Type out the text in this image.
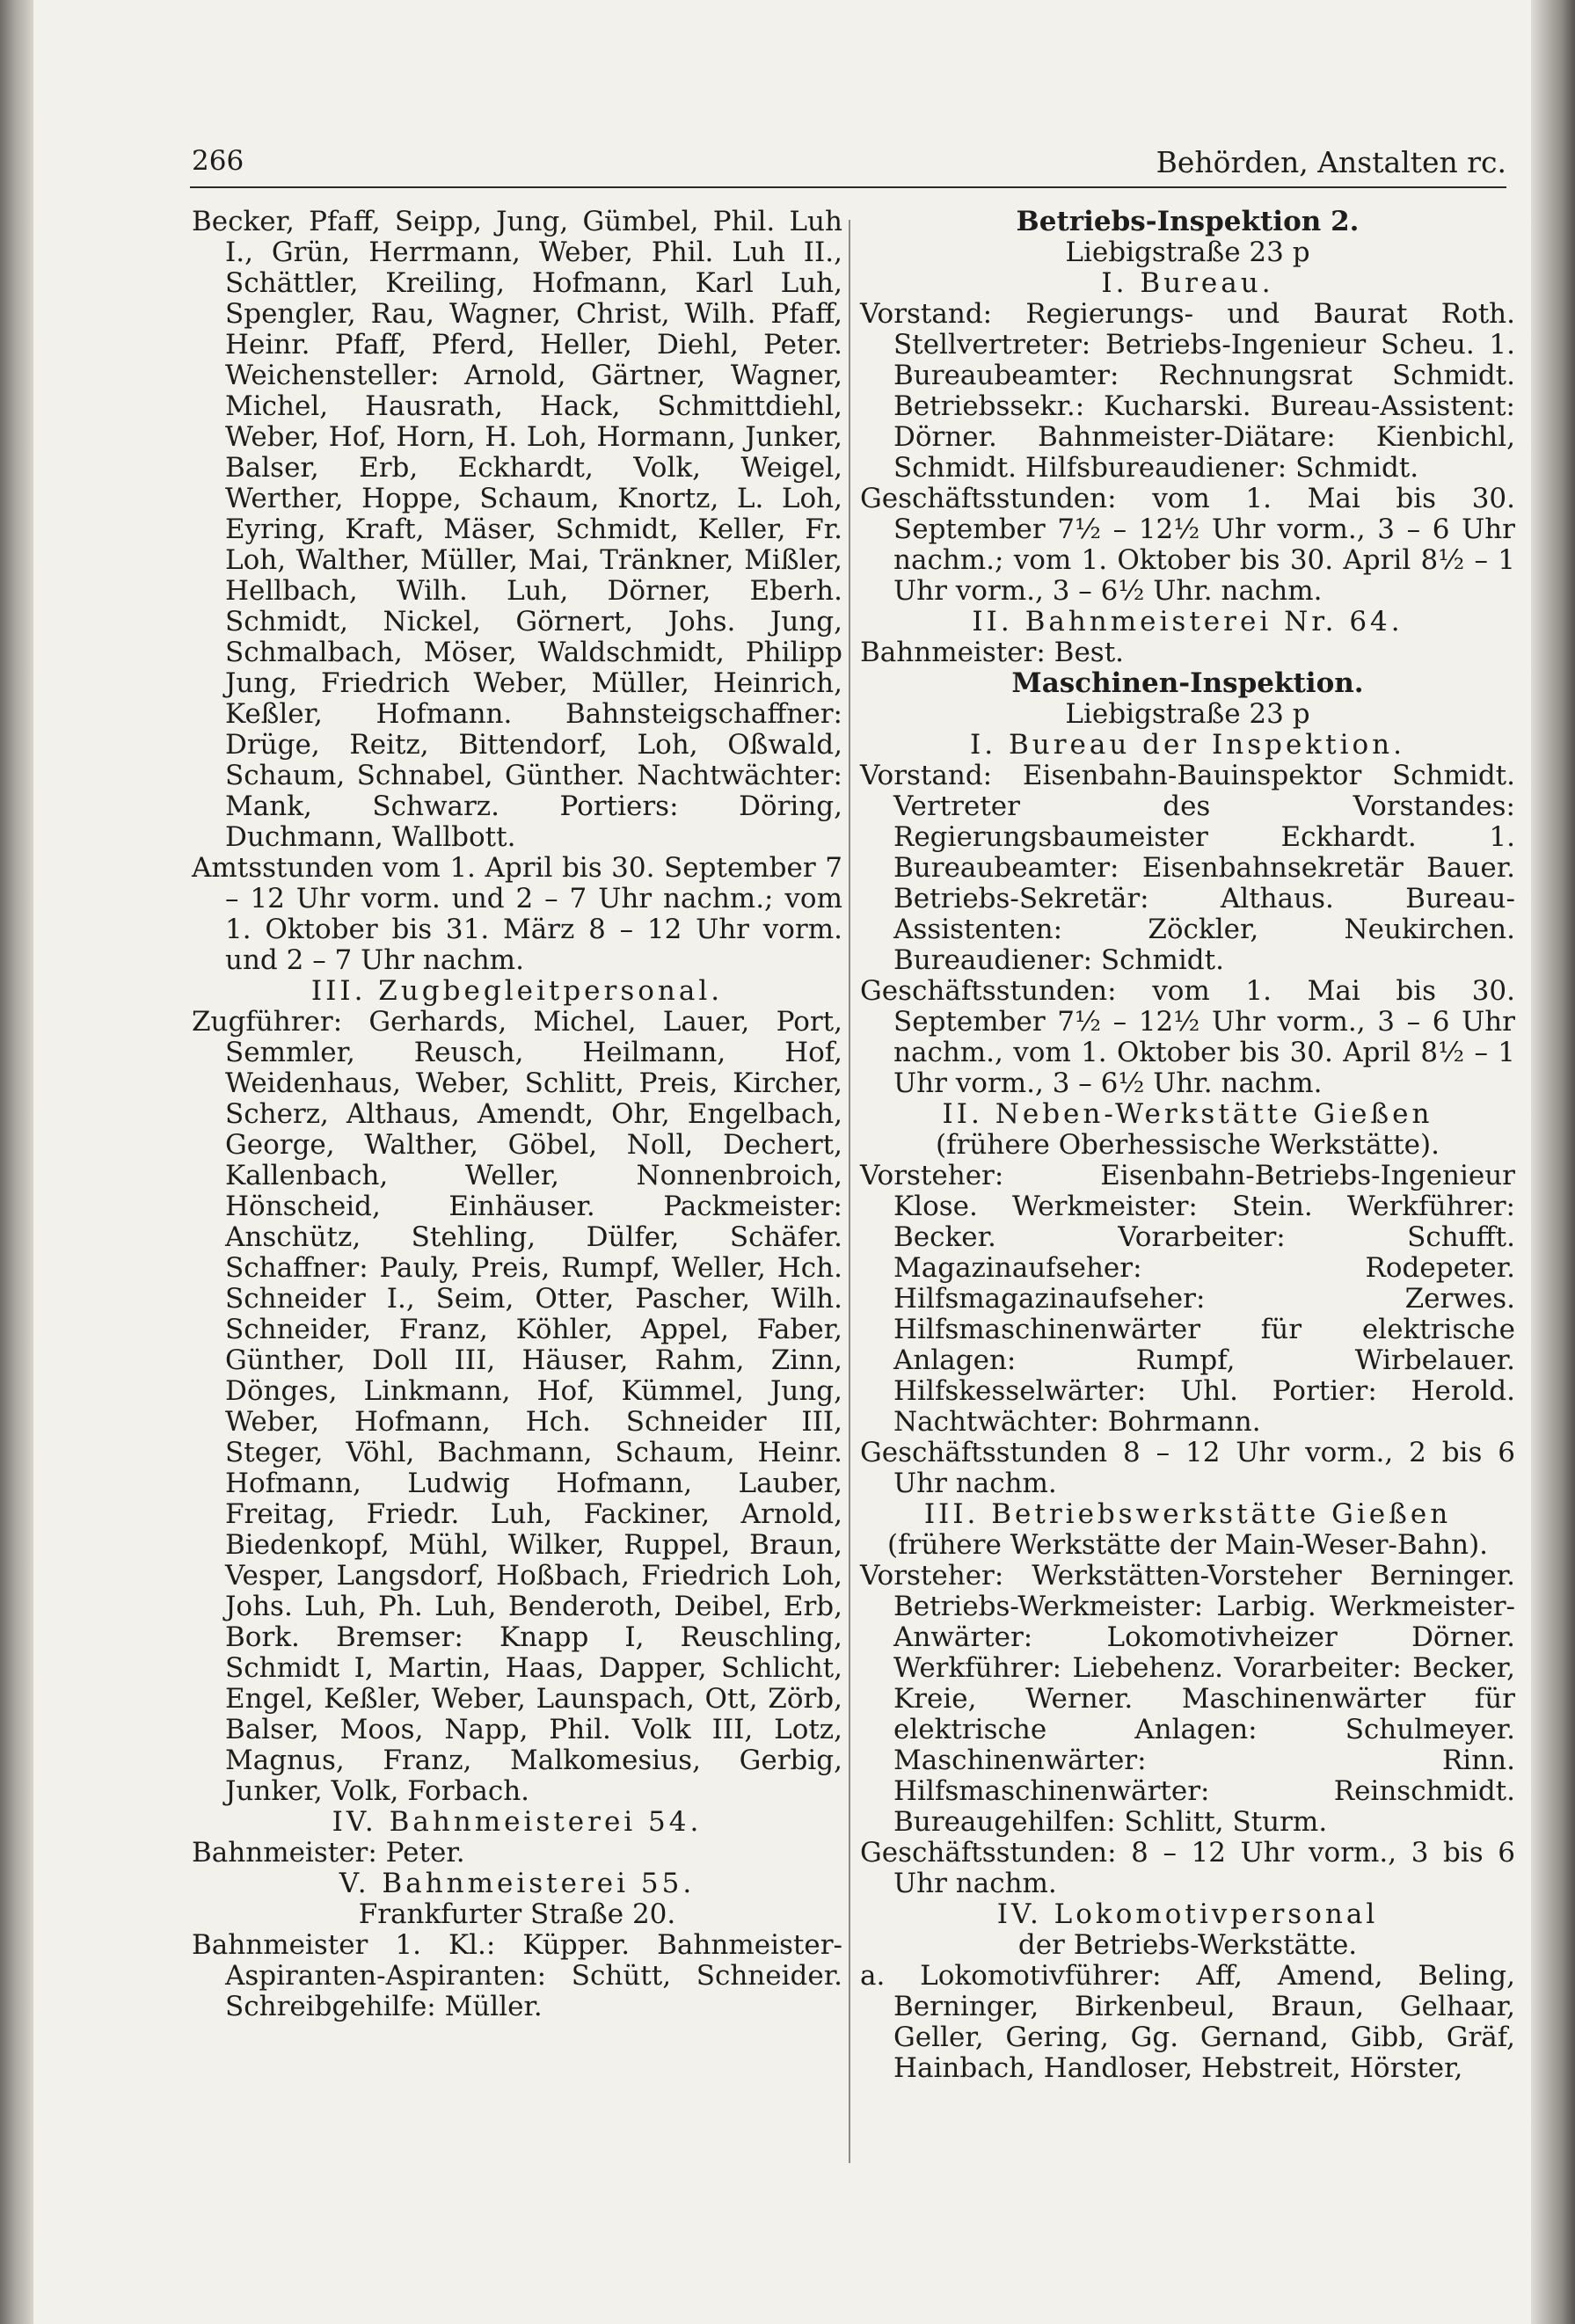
266	Behörden, Anstalten rc.

Becker, Pfaff, Seipp, Jung, Gümbel, Phil. Luh I., Grün, Herrmann, Weber, Phil. Luh II., Schättler, Kreiling, Hofmann, Karl Luh, Spengler, Rau, Wagner, Christ, Wilh. Pfaff, Heinr. Pfaff, Pferd, Heller, Diehl, Peter. Weichensteller: Arnold, Gärtner, Wagner, Michel, Hausrath, Hack, Schmittdiehl, Weber, Hof, Horn, H. Loh, Hormann, Junker, Balser, Erb, Eckhardt, Volk, Weigel, Werther, Hoppe, Schaum, Knortz, L. Loh, Eyring, Kraft, Mäser, Schmidt, Keller, Fr. Loh, Walther, Müller, Mai, Tränkner, Mißler, Hellbach, Wilh. Luh, Dörner, Eberh. Schmidt, Nickel, Görnert, Johs. Jung, Schmalbach, Möser, Waldschmidt, Philipp Jung, Friedrich Weber, Müller, Heinrich, Keßler, Hofmann. Bahnsteigschaffner: Drüge, Reitz, Bittendorf, Loh, Oßwald, Schaum, Schnabel, Günther. Nachtwächter: Mank, Schwarz. Portiers: Döring, Duchmann, Wallbott.

Amtsstunden vom 1. April bis 30. September 7 – 12 Uhr vorm. und 2 – 7 Uhr nachm.; vom 1. Oktober bis 31. März 8 – 12 Uhr vorm. und 2 – 7 Uhr nachm.

III. Zugbegleitpersonal.

Zugführer: Gerhards, Michel, Lauer, Port, Semmler, Reusch, Heilmann, Hof, Weidenhaus, Weber, Schlitt, Preis, Kircher, Scherz, Althaus, Amendt, Ohr, Engelbach, George, Walther, Göbel, Noll, Dechert, Kallenbach, Weller, Nonnenbroich, Hönscheid, Einhäuser. Packmeister: Anschütz, Stehling, Dülfer, Schäfer. Schaffner: Pauly, Preis, Rumpf, Weller, Hch. Schneider I., Seim, Otter, Pascher, Wilh. Schneider, Franz, Köhler, Appel, Faber, Günther, Doll III, Häuser, Rahm, Zinn, Dönges, Linkmann, Hof, Kümmel, Jung, Weber, Hofmann, Hch. Schneider III, Steger, Vöhl, Bachmann, Schaum, Heinr. Hofmann, Ludwig Hofmann, Lauber, Freitag, Friedr. Luh, Fackiner, Arnold, Biedenkopf, Mühl, Wilker, Ruppel, Braun, Vesper, Langsdorf, Hoßbach, Friedrich Loh, Johs. Luh, Ph. Luh, Benderoth, Deibel, Erb, Bork. Bremser: Knapp I, Reuschling, Schmidt I, Martin, Haas, Dapper, Schlicht, Engel, Keßler, Weber, Launspach, Ott, Zörb, Balser, Moos, Napp, Phil. Volk III, Lotz, Magnus, Franz, Malkomesius, Gerbig, Junker, Volk, Forbach.

IV. Bahnmeisterei 54.

Bahnmeister: Peter.

V. Bahnmeisterei 55.

Frankfurter Straße 20.

Bahnmeister 1. Kl.: Küpper. Bahnmeister-Aspiranten-Aspiranten: Schütt, Schneider. Schreibgehilfe: Müller.

Betriebs-Inspektion 2.

Liebigstraße 23 p

I. Bureau.

Vorstand: Regierungs- und Baurat Roth. Stellvertreter: Betriebs-Ingenieur Scheu. 1. Bureaubeamter: Rechnungsrat Schmidt. Betriebssekr.: Kucharski. Bureau-Assistent: Dörner. Bahnmeister-Diätare: Kienbichl, Schmidt. Hilfsbureaudiener: Schmidt.

Geschäftsstunden: vom 1. Mai bis 30. September 7½ – 12½ Uhr vorm., 3 – 6 Uhr nachm.; vom 1. Oktober bis 30. April 8½ – 1 Uhr vorm., 3 – 6½ Uhr. nachm.

II. Bahnmeisterei Nr. 64.

Bahnmeister: Best.

Maschinen-Inspektion.

Liebigstraße 23 p

I. Bureau der Inspektion.

Vorstand: Eisenbahn-Bauinspektor Schmidt. Vertreter des Vorstandes: Regierungsbaumeister Eckhardt. 1. Bureaubeamter: Eisenbahnsekretär Bauer. Betriebs-Sekretär: Althaus. Bureau-Assistenten: Zöckler, Neukirchen. Bureaudiener: Schmidt.

Geschäftsstunden: vom 1. Mai bis 30. September 7½ – 12½ Uhr vorm., 3 – 6 Uhr nachm., vom 1. Oktober bis 30. April 8½ – 1 Uhr vorm., 3 – 6½ Uhr. nachm.

II. Neben-Werkstätte Gießen

(frühere Oberhessische Werkstätte).

Vorsteher: Eisenbahn-Betriebs-Ingenieur Klose. Werkmeister: Stein. Werkführer: Becker. Vorarbeiter: Schufft. Magazinaufseher: Rodepeter. Hilfsmagazinaufseher: Zerwes. Hilfsmaschinenwärter für elektrische Anlagen: Rumpf, Wirbelauer. Hilfskesselwärter: Uhl. Portier: Herold. Nachtwächter: Bohrmann.

Geschäftsstunden 8 – 12 Uhr vorm., 2 bis 6 Uhr nachm.

III. Betriebswerkstätte Gießen

(frühere Werkstätte der Main-Weser-Bahn).

Vorsteher: Werkstätten-Vorsteher Berninger. Betriebs-Werkmeister: Larbig. Werkmeister-Anwärter: Lokomotivheizer Dörner. Werkführer: Liebehenz. Vorarbeiter: Becker, Kreie, Werner. Maschinenwärter für elektrische Anlagen: Schulmeyer. Maschinenwärter: Rinn. Hilfsmaschinenwärter: Reinschmidt. Bureaugehilfen: Schlitt, Sturm.

Geschäftsstunden: 8 – 12 Uhr vorm., 3 bis 6 Uhr nachm.

IV. Lokomotivpersonal

der Betriebs-Werkstätte.

a. Lokomotivführer: Aff, Amend, Beling, Berninger, Birkenbeul, Braun, Gelhaar, Geller, Gering, Gg. Gernand, Gibb, Gräf, Hainbach, Handloser, Hebstreit, Hörster,
